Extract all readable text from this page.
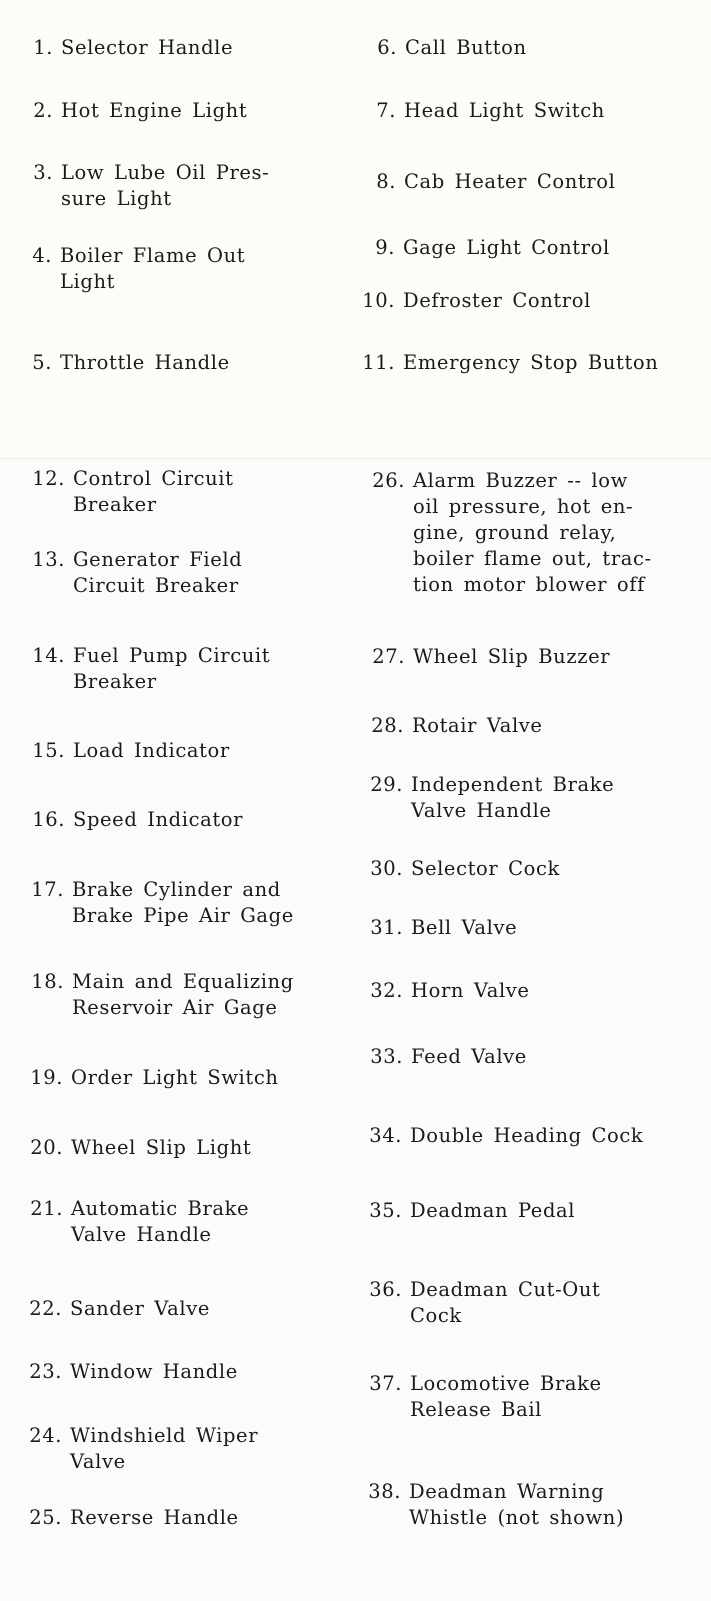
1. Selector Handle
2. Hot Engine Light
3. Low Lube Oil Pres-
sure Light
4. Boiler Flame Out
Light
5. Throttle Handle
6. Call Button
7. Head Light Switch
8. Cab Heater Control
9. Gage Light Control
10. Defroster Control
11. Emergency Stop Button
12. Control Circuit
Breaker
13. Generator Field
Circuit Breaker
14. Fuel Pump Circuit
Breaker
15. Load Indicator
16. Speed Indicator
17. Brake Cylinder and
Brake Pipe Air Gage
18. Main and Equalizing
Reservoir Air Gage
19. Order Light Switch
20. Wheel Slip Light
21. Automatic Brake
Valve Handle
22. Sander Valve
23. Window Handle
24. Windshield Wiper
Valve
25. Reverse Handle
26. Alarm Buzzer -- low
oil pressure, hot en-
gine, ground relay,
boiler flame out, trac-
tion motor blower off
27. Wheel Slip Buzzer
28. Rotair Valve
29. Independent Brake
Valve Handle
30. Selector Cock
31. Bell Valve
32. Horn Valve
33. Feed Valve
34. Double Heading Cock
35. Deadman Pedal
36. Deadman Cut-Out
Cock
37. Locomotive Brake
Release Bail
38. Deadman Warning
Whistle (not shown)
